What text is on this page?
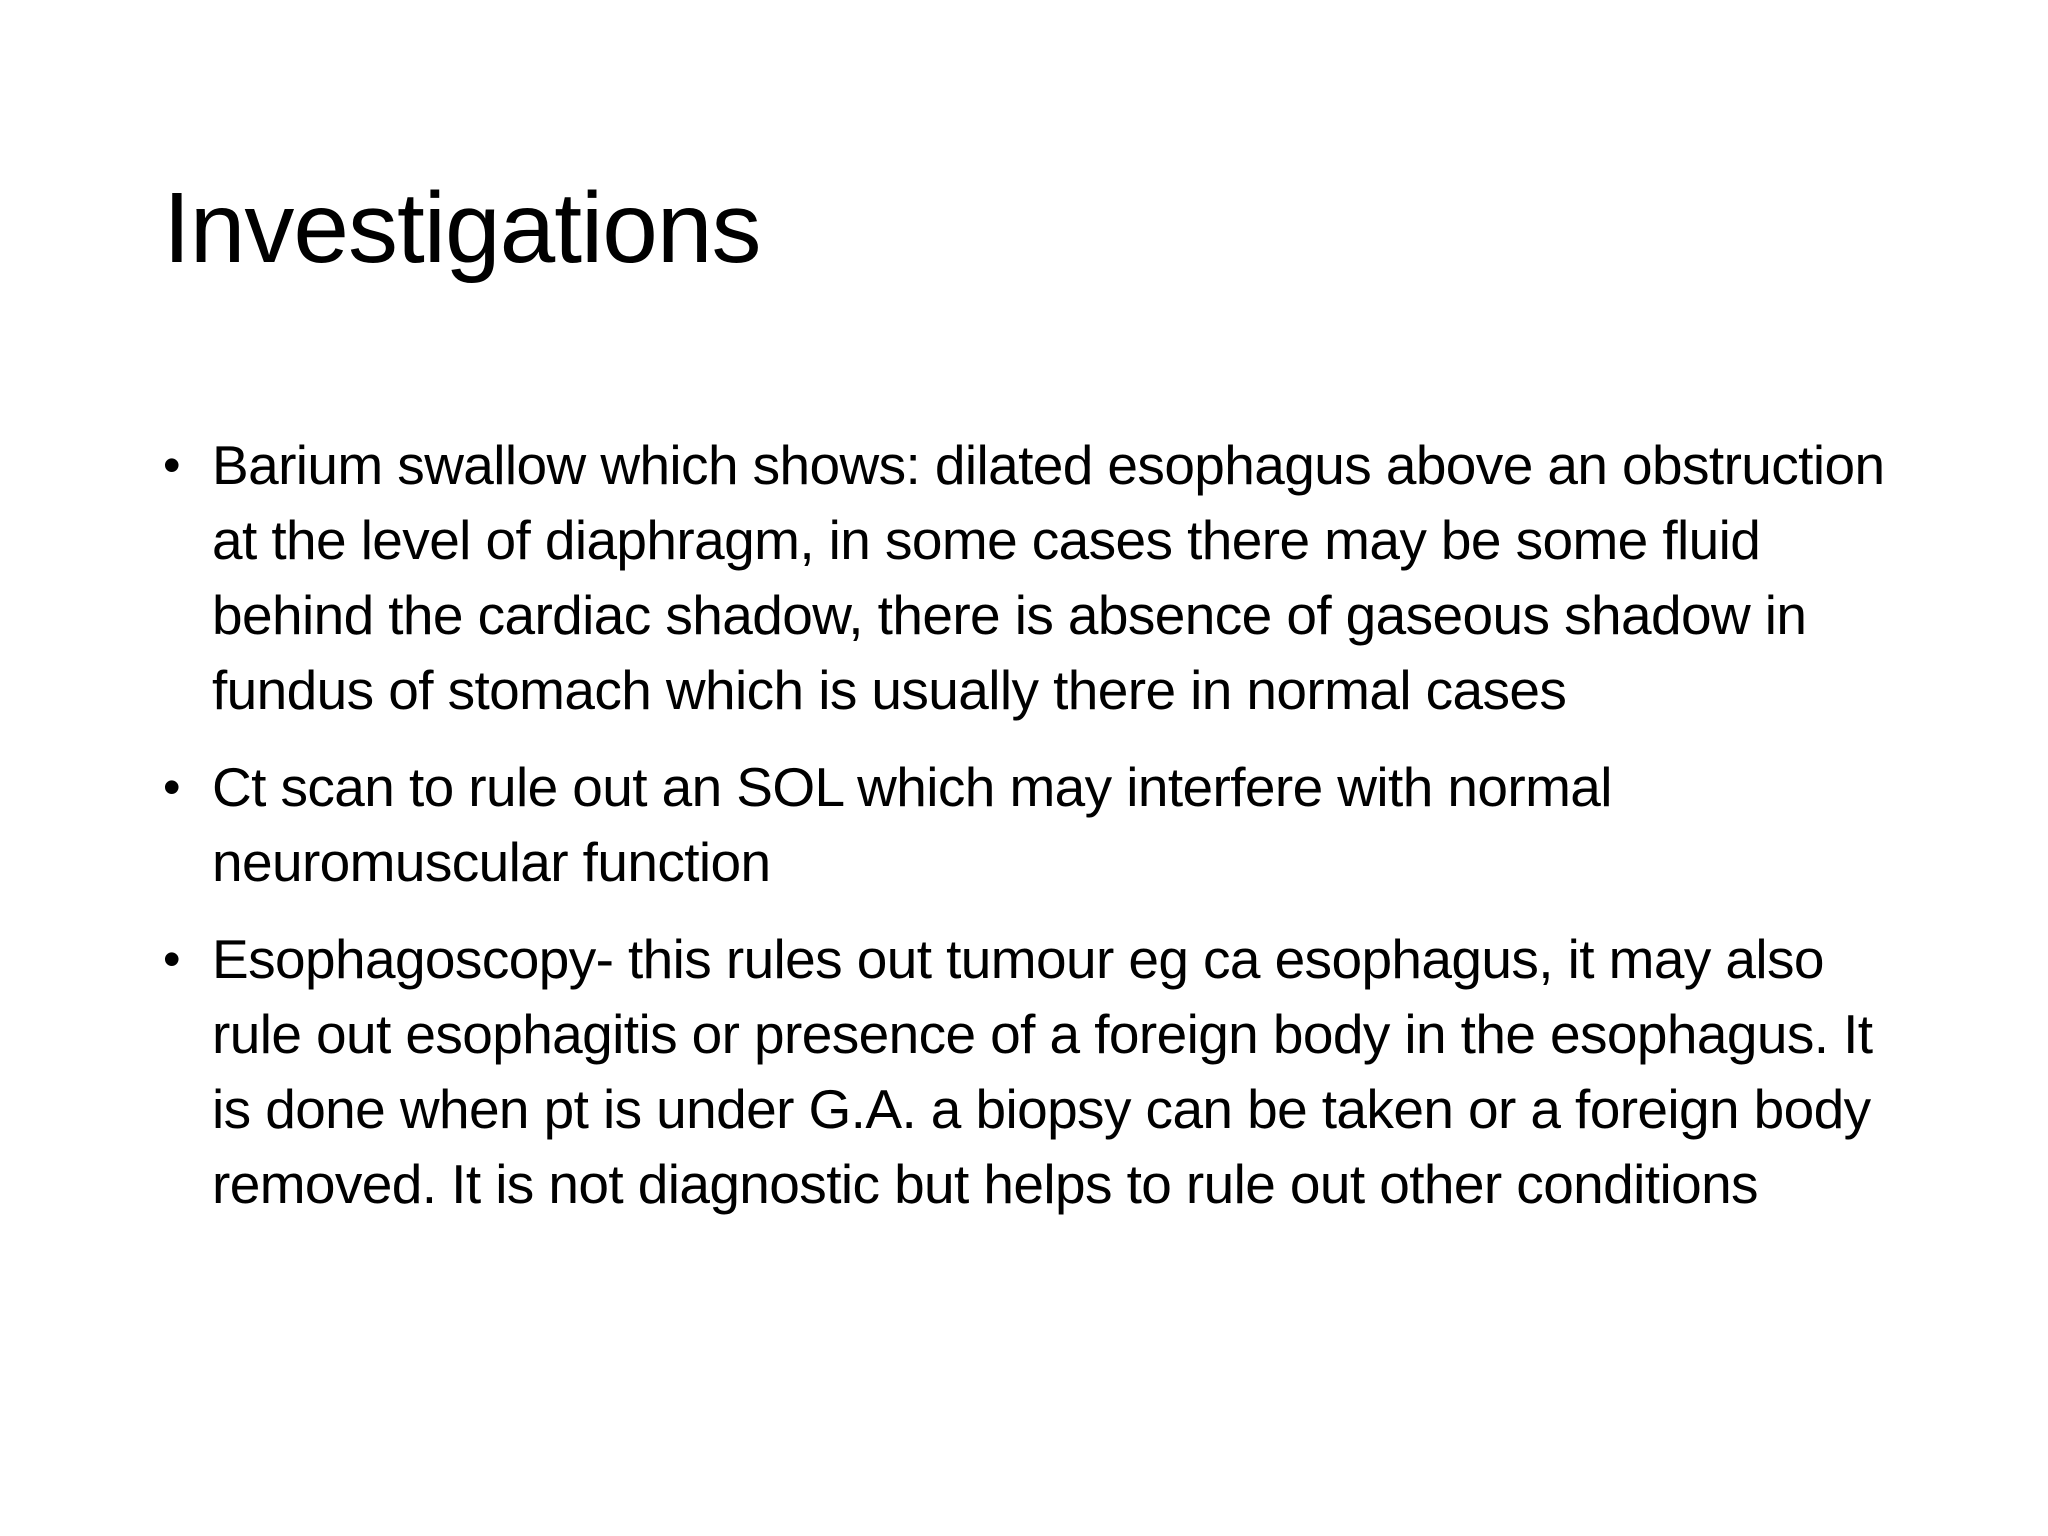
Investigations
• Barium swallow which shows: dilated esophagus above an obstruction at the level of diaphragm, in some cases there may be some fluid behind the cardiac shadow, there is absence of gaseous shadow in fundus of stomach which is usually there in normal cases
• Ct scan to rule out an SOL which may interfere with normal neuromuscular function
• Esophagoscopy- this rules out tumour eg ca esophagus, it may also rule out esophagitis or presence of a foreign body in the esophagus. It is done when pt is under G.A. a biopsy can be taken or a foreign body removed. It is not diagnostic but helps to rule out other conditions
